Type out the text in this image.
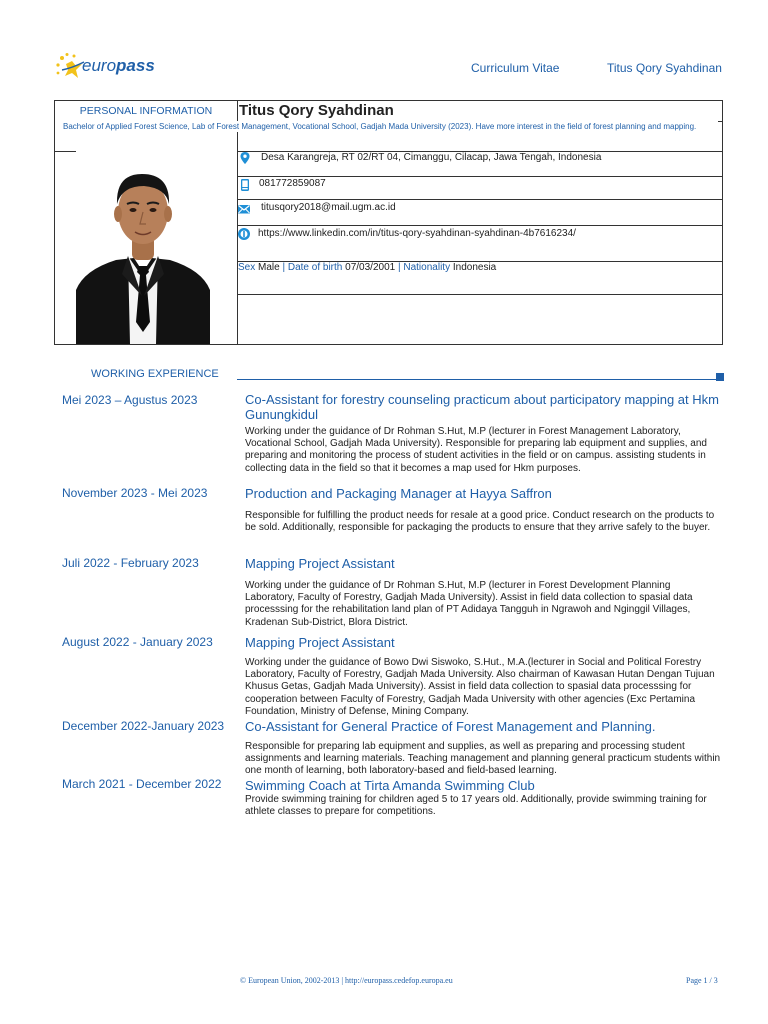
europass	Curriculum Vitae	Titus Qory Syahdinan
PERSONAL INFORMATION	Titus Qory Syahdinan
Bachelor of Applied Forest Science, Lab of Forest Management, Vocational School, Gadjah Mada University (2023). Have more interest in the field of forest planning and mapping.
Desa Karangreja, RT 02/RT 04, Cimanggu, Cilacap, Jawa Tengah, Indonesia
081772859087
titusqory2018@mail.ugm.ac.id
https://www.linkedin.com/in/titus-qory-syahdinan-syahdinan-4b7616234/
Sex Male | Date of birth 07/03/2001 | Nationality Indonesia
WORKING EXPERIENCE
Mei 2023 – Agustus 2023	Co-Assistant for forestry counseling practicum about participatory mapping at Hkm Gunungkidul
Working under the guidance of Dr Rohman S.Hut, M.P (lecturer in Forest Management Laboratory, Vocational School, Gadjah Mada University). Responsible for preparing lab equipment and supplies, and preparing and monitoring the process of student activities in the field or on campus. assisting students in collecting data in the field so that it becomes a map used for Hkm purposes.
November 2023 - Mei 2023	Production and Packaging Manager at Hayya Saffron
Responsible for fulfilling the product needs for resale at a good price. Conduct research on the products to be sold. Additionally, responsible for packaging the products to ensure that they arrive safely to the buyer.
Juli 2022 - February 2023	Mapping Project Assistant
Working under the guidance of Dr Rohman S.Hut, M.P (lecturer in Forest Development Planning Laboratory, Faculty of Forestry, Gadjah Mada University). Assist in field data collection to spasial data processsing for the rehabilitation land plan of PT Adidaya Tangguh in Ngrawoh and Nginggil Villages, Kradenan Sub-District, Blora District.
August 2022 - January 2023 Mapping Project Assistant
Working under the guidance of Bowo Dwi Siswoko, S.Hut., M.A.(lecturer in Social and Political Forestry Laboratory, Faculty of Forestry, Gadjah Mada University. Also chairman of Kawasan Hutan Dengan Tujuan Khusus Getas, Gadjah Mada University). Assist in field data collection to spasial data processsing for cooperation between Faculty of Forestry, Gadjah Mada University with other agencies (Exc Pertamina Foundation, Ministry of Defense, Mining Company.
December 2022-January 2023 Co-Assistant for General Practice of Forest Management and Planning.
Responsible for preparing lab equipment and supplies, as well as preparing and processing student assignments and learning materials. Teaching management and planning general practicum students within one month of learning, both laboratory-based and field-based learning.
March 2021 - December 2022 Swimming Coach at Tirta Amanda Swimming Club
Provide swimming training for children aged 5 to 17 years old. Additionally, provide swimming training for athlete classes to prepare for competitions.
© European Union, 2002-2013 | http://europass.cedefop.europa.eu	Page 1 / 3
